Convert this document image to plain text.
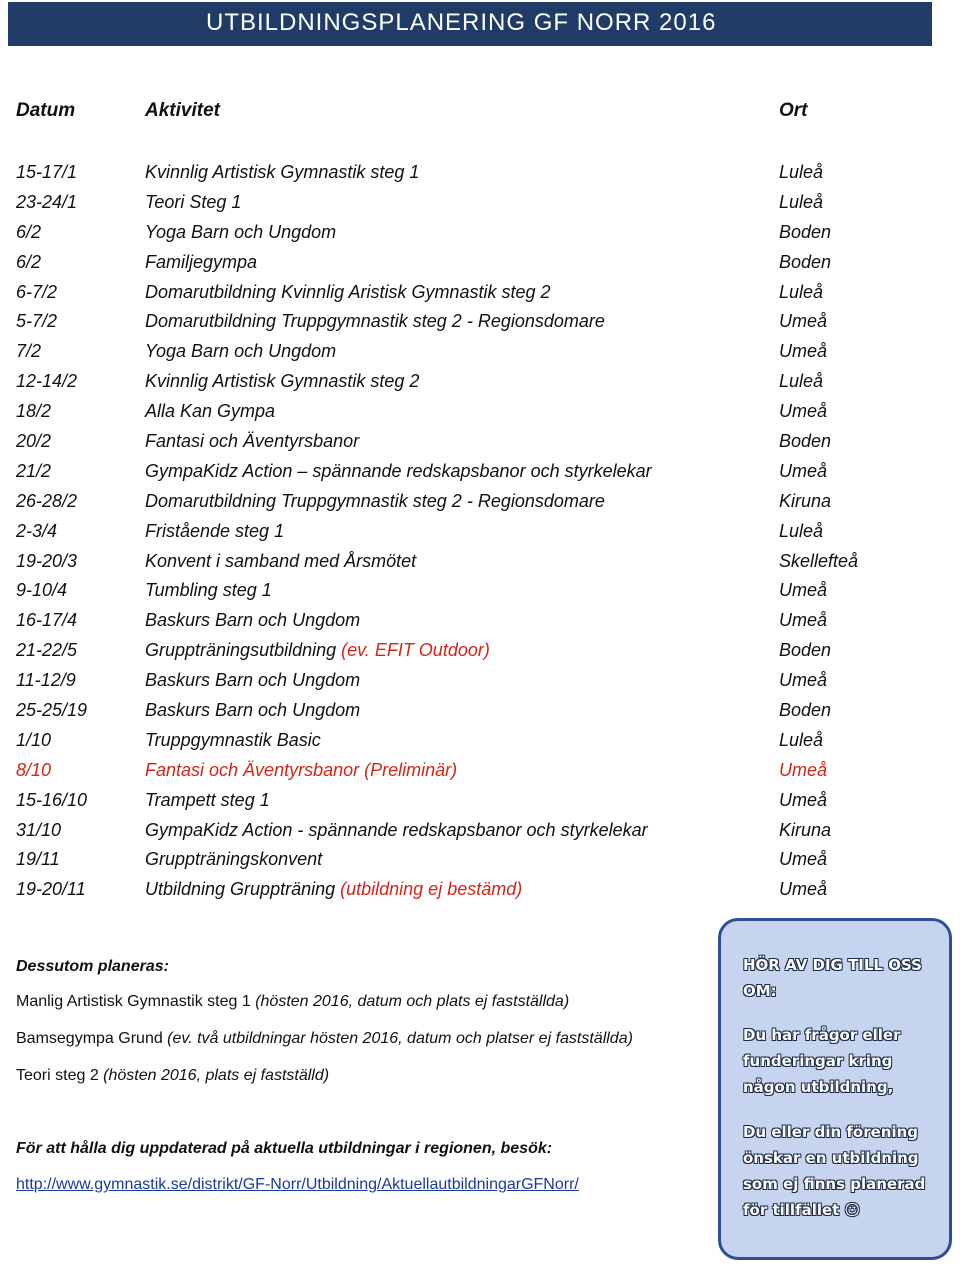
UTBILDNINGSPLANERING GF NORR 2016
Datum	Aktivitet	Ort
15-17/1	Kvinnlig Artistisk Gymnastik steg 1	Luleå
23-24/1	Teori Steg 1	Luleå
6/2	Yoga Barn och Ungdom	Boden
6/2	Familjegympa	Boden
6-7/2	Domarutbildning Kvinnlig Aristisk Gymnastik steg 2	Luleå
5-7/2	Domarutbildning Truppgymnastik steg 2 - Regionsdomare	Umeå
7/2	Yoga Barn och Ungdom	Umeå
12-14/2	Kvinnlig Artistisk Gymnastik steg 2	Luleå
18/2	Alla Kan Gympa	Umeå
20/2	Fantasi och Äventyrsbanor	Boden
21/2	GympaKidz Action – spännande redskapsbanor och styrkelekar	Umeå
26-28/2	Domarutbildning Truppgymnastik steg 2 - Regionsdomare	Kiruna
2-3/4	Fristående steg 1	Luleå
19-20/3	Konvent i samband med Årsmötet	Skellefteå
9-10/4	Tumbling steg 1	Umeå
16-17/4	Baskurs Barn och Ungdom	Umeå
21-22/5	Gruppträningsutbildning (ev. EFIT Outdoor)	Boden
11-12/9	Baskurs Barn och Ungdom	Umeå
25-25/19	Baskurs Barn och Ungdom	Boden
1/10	Truppgymnastik Basic	Luleå
8/10	Fantasi och Äventyrsbanor (Preliminär)	Umeå
15-16/10	Trampett steg 1	Umeå
31/10	GympaKidz Action - spännande redskapsbanor och styrkelekar	Kiruna
19/11	Gruppträningskonvent	Umeå
19-20/11	Utbildning Gruppträning (utbildning ej bestämd)	Umeå
Dessutom planeras:
Manlig Artistisk Gymnastik steg 1 (hösten 2016, datum och plats ej fastställda)
Bamsegympa Grund (ev. två utbildningar hösten 2016, datum och platser ej fastställda)
Teori steg 2 (hösten 2016, plats ej fastställd)
För att hålla dig uppdaterad på aktuella utbildningar i regionen, besök:
http://www.gymnastik.se/distrikt/GF-Norr/Utbildning/AktuellautbildningarGFNorr/
HÖR AV DIG TILL OSS OM:
Du har frågor eller funderingar kring någon utbildning,
Du eller din förening önskar en utbildning som ej finns planerad för tillfället ☺
